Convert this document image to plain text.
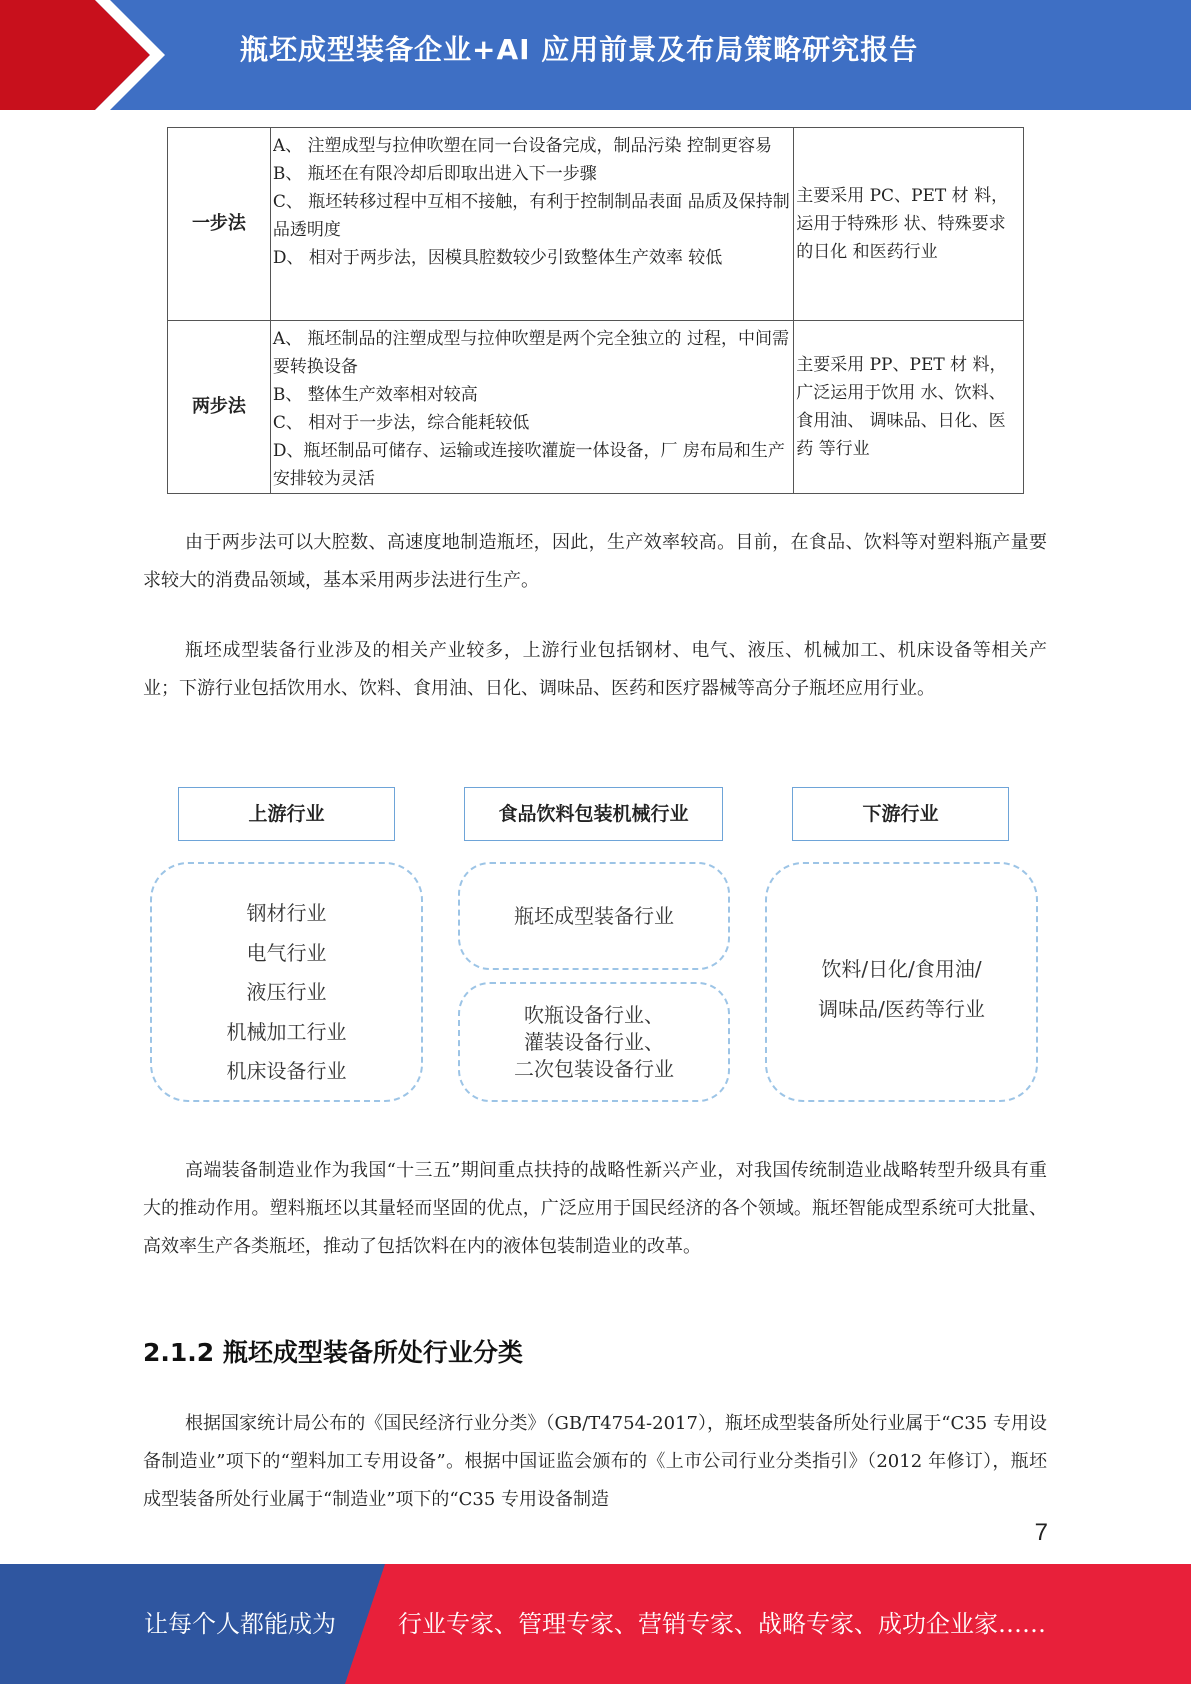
瓶坯成型装备企业+AI 应用前景及布局策略研究报告
一步法	A、 注塑成型与拉伸吹塑在同一台设备完成，制品污染 控制更容易
B、 瓶坯在有限冷却后即取出进入下一步骤
C、 瓶坯转移过程中互相不接触，有利于控制制品表面 品质及保持制品透明度
D、 相对于两步法，因模具腔数较少引致整体生产效率 较低	主要采用 PC、PET 材 料，运用于特殊形 状、特殊要求的日化 和医药行业
两步法	A、 瓶坯制品的注塑成型与拉伸吹塑是两个完全独立的 过程，中间需要转换设备
B、 整体生产效率相对较高
C、 相对于一步法，综合能耗较低
D、瓶坯制品可储存、运输或连接吹灌旋一体设备，厂 房布局和生产安排较为灵活	主要采用 PP、PET 材 料，广泛运用于饮用 水、饮料、食用油、 调味品、日化、医药 等行业

由于两步法可以大腔数、高速度地制造瓶坯，因此，生产效率较高。目前，在食品、饮料等对塑料瓶产量要求较大的消费品领域，基本采用两步法进行生产。

瓶坯成型装备行业涉及的相关产业较多，上游行业包括钢材、电气、液压、机械加工、机床设备等相关产业；下游行业包括饮用水、饮料、食用油、日化、调味品、医药和医疗器械等高分子瓶坯应用行业。

上游行业	食品饮料包装机械行业	下游行业
钢材行业
电气行业
液压行业
机械加工行业
机床设备行业
瓶坯成型装备行业
吹瓶设备行业、
灌装设备行业、
二次包装设备行业
饮料/日化/食用油/
调味品/医药等行业

高端装备制造业作为我国“十三五”期间重点扶持的战略性新兴产业，对我国传统制造业战略转型升级具有重大的推动作用。塑料瓶坯以其量轻而坚固的优点，广泛应用于国民经济的各个领域。瓶坯智能成型系统可大批量、高效率生产各类瓶坯，推动了包括饮料在内的液体包装制造业的改革。

2.1.2 瓶坯成型装备所处行业分类

根据国家统计局公布的《国民经济行业分类》（GB/T4754-2017），瓶坯成型装备所处行业属于“C35 专用设备制造业”项下的“塑料加工专用设备”。根据中国证监会颁布的《上市公司行业分类指引》（2012 年修订），瓶坯成型装备所处行业属于“制造业”项下的“C35 专用设备制造

7
让每个人都能成为	行业专家、管理专家、营销专家、战略专家、成功企业家……
